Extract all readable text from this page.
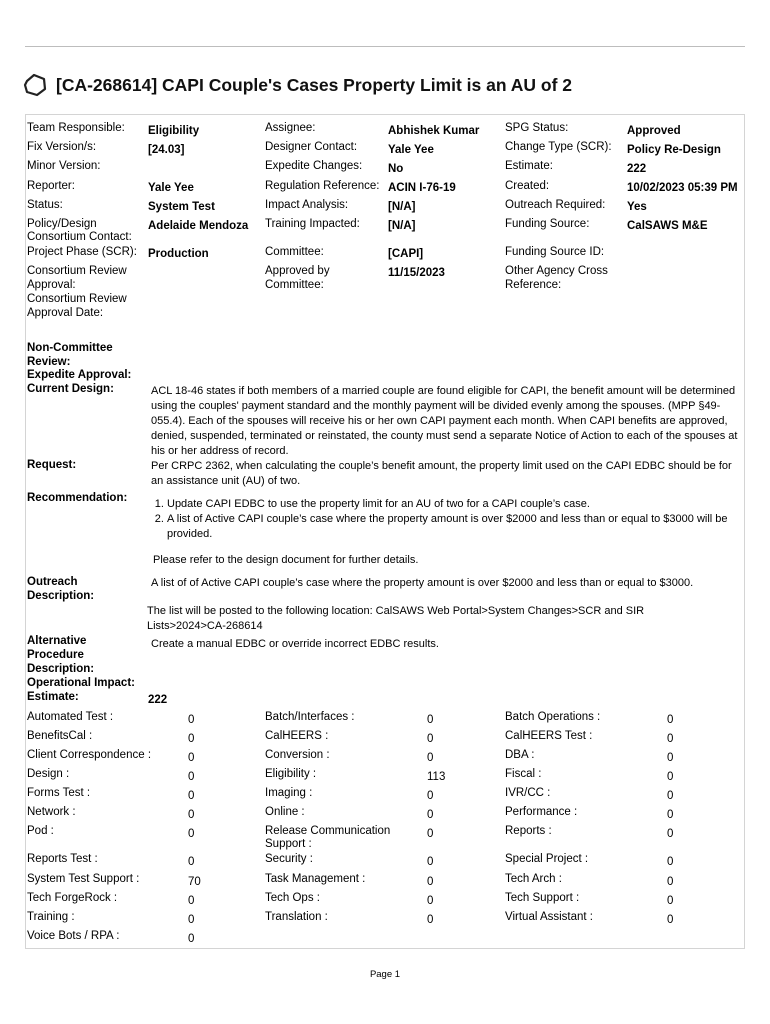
[CA-268614] CAPI Couple's Cases Property Limit is an AU of 2
Team Responsible: Eligibility	Assignee:	Abhishek Kumar SPG Status:	Approved
Fix Version/s:	[24.03]	Designer Contact:	Yale Yee	Change Type (SCR): Policy Re-Design
Minor Version:	Expedite Changes: No	Estimate:	222
Reporter:	Yale Yee	Regulation Reference: ACIN I-76-19	Created:	10/02/2023 05:39 PM
Status:	System Test	Impact Analysis:	[N/A]	Outreach Required: Yes
Policy/Design
Consortium Contact:
Adelaide Mendoza Training Impacted: [N/A]	Funding Source:	CalSAWS M&E
Project Phase (SCR): Production	Committee:	[CAPI]	Funding Source ID:
Consortium Review
Approval:
Approved by
Committee:
11/15/2023	Other Agency Cross
Reference:
Consortium Review
Approval Date:
Non-Committee
Review:
Expedite Approval:
Current Design:	ACL 18-46 states if both members of a married couple are found eligible for CAPI, the benefit amount will be determined using the couples' payment standard and the monthly payment will be divided evenly among the spouses. (MPP §49-055.4). Each of the spouses will receive his or her own CAPI payment each month. When CAPI benefits are approved, denied, suspended, terminated or reinstated, the county must send a separate Notice of Action to each of the spouses at his or her address of record.
Request:	Per CRPC 2362, when calculating the couple’s benefit amount, the property limit used on the CAPI EDBC should be for an assistance unit (AU) of two.
Recommendation:
1.	Update CAPI EDBC to use the property limit for an AU of two for a CAPI couple’s case.
2. A list of Active CAPI couple’s case where the property amount is over $2000 and less than or equal to $3000 will be provided.
Please refer to the design document for further details.
Outreach
Description:
A list of of Active CAPI couple’s case where the property amount is over $2000 and less than or equal to $3000.
The list will be posted to the following location: CalSAWS Web Portal>System Changes>SCR and SIR Lists>2024>CA-268614
Alternative
Procedure
Description:
Create a manual EDBC or override incorrect EDBC results.
Operational Impact:
Estimate:	222
Automated Test :	0	Batch/Interfaces :	0	Batch Operations :	0
BenefitsCal :	0	CalHEERS :	0	CalHEERS Test :	0
Client Correspondence :	0	Conversion :	0	DBA :	0
Design :	0	Eligibility :	113	Fiscal :	0
Forms Test :	0	Imaging :	0	IVR/CC :	0
Network :	0	Online :	0	Performance :	0
Pod :	0	Release Communication
Support :
0	Reports :	0
Reports Test :	0	Security :	0	Special Project :	0
System Test Support :	70	Task Management :	0	Tech Arch :	0
Tech ForgeRock :	0	Tech Ops :	0	Tech Support :	0
Training :	0	Translation :	0	Virtual Assistant :	0
Voice Bots / RPA :	0
Page 1
